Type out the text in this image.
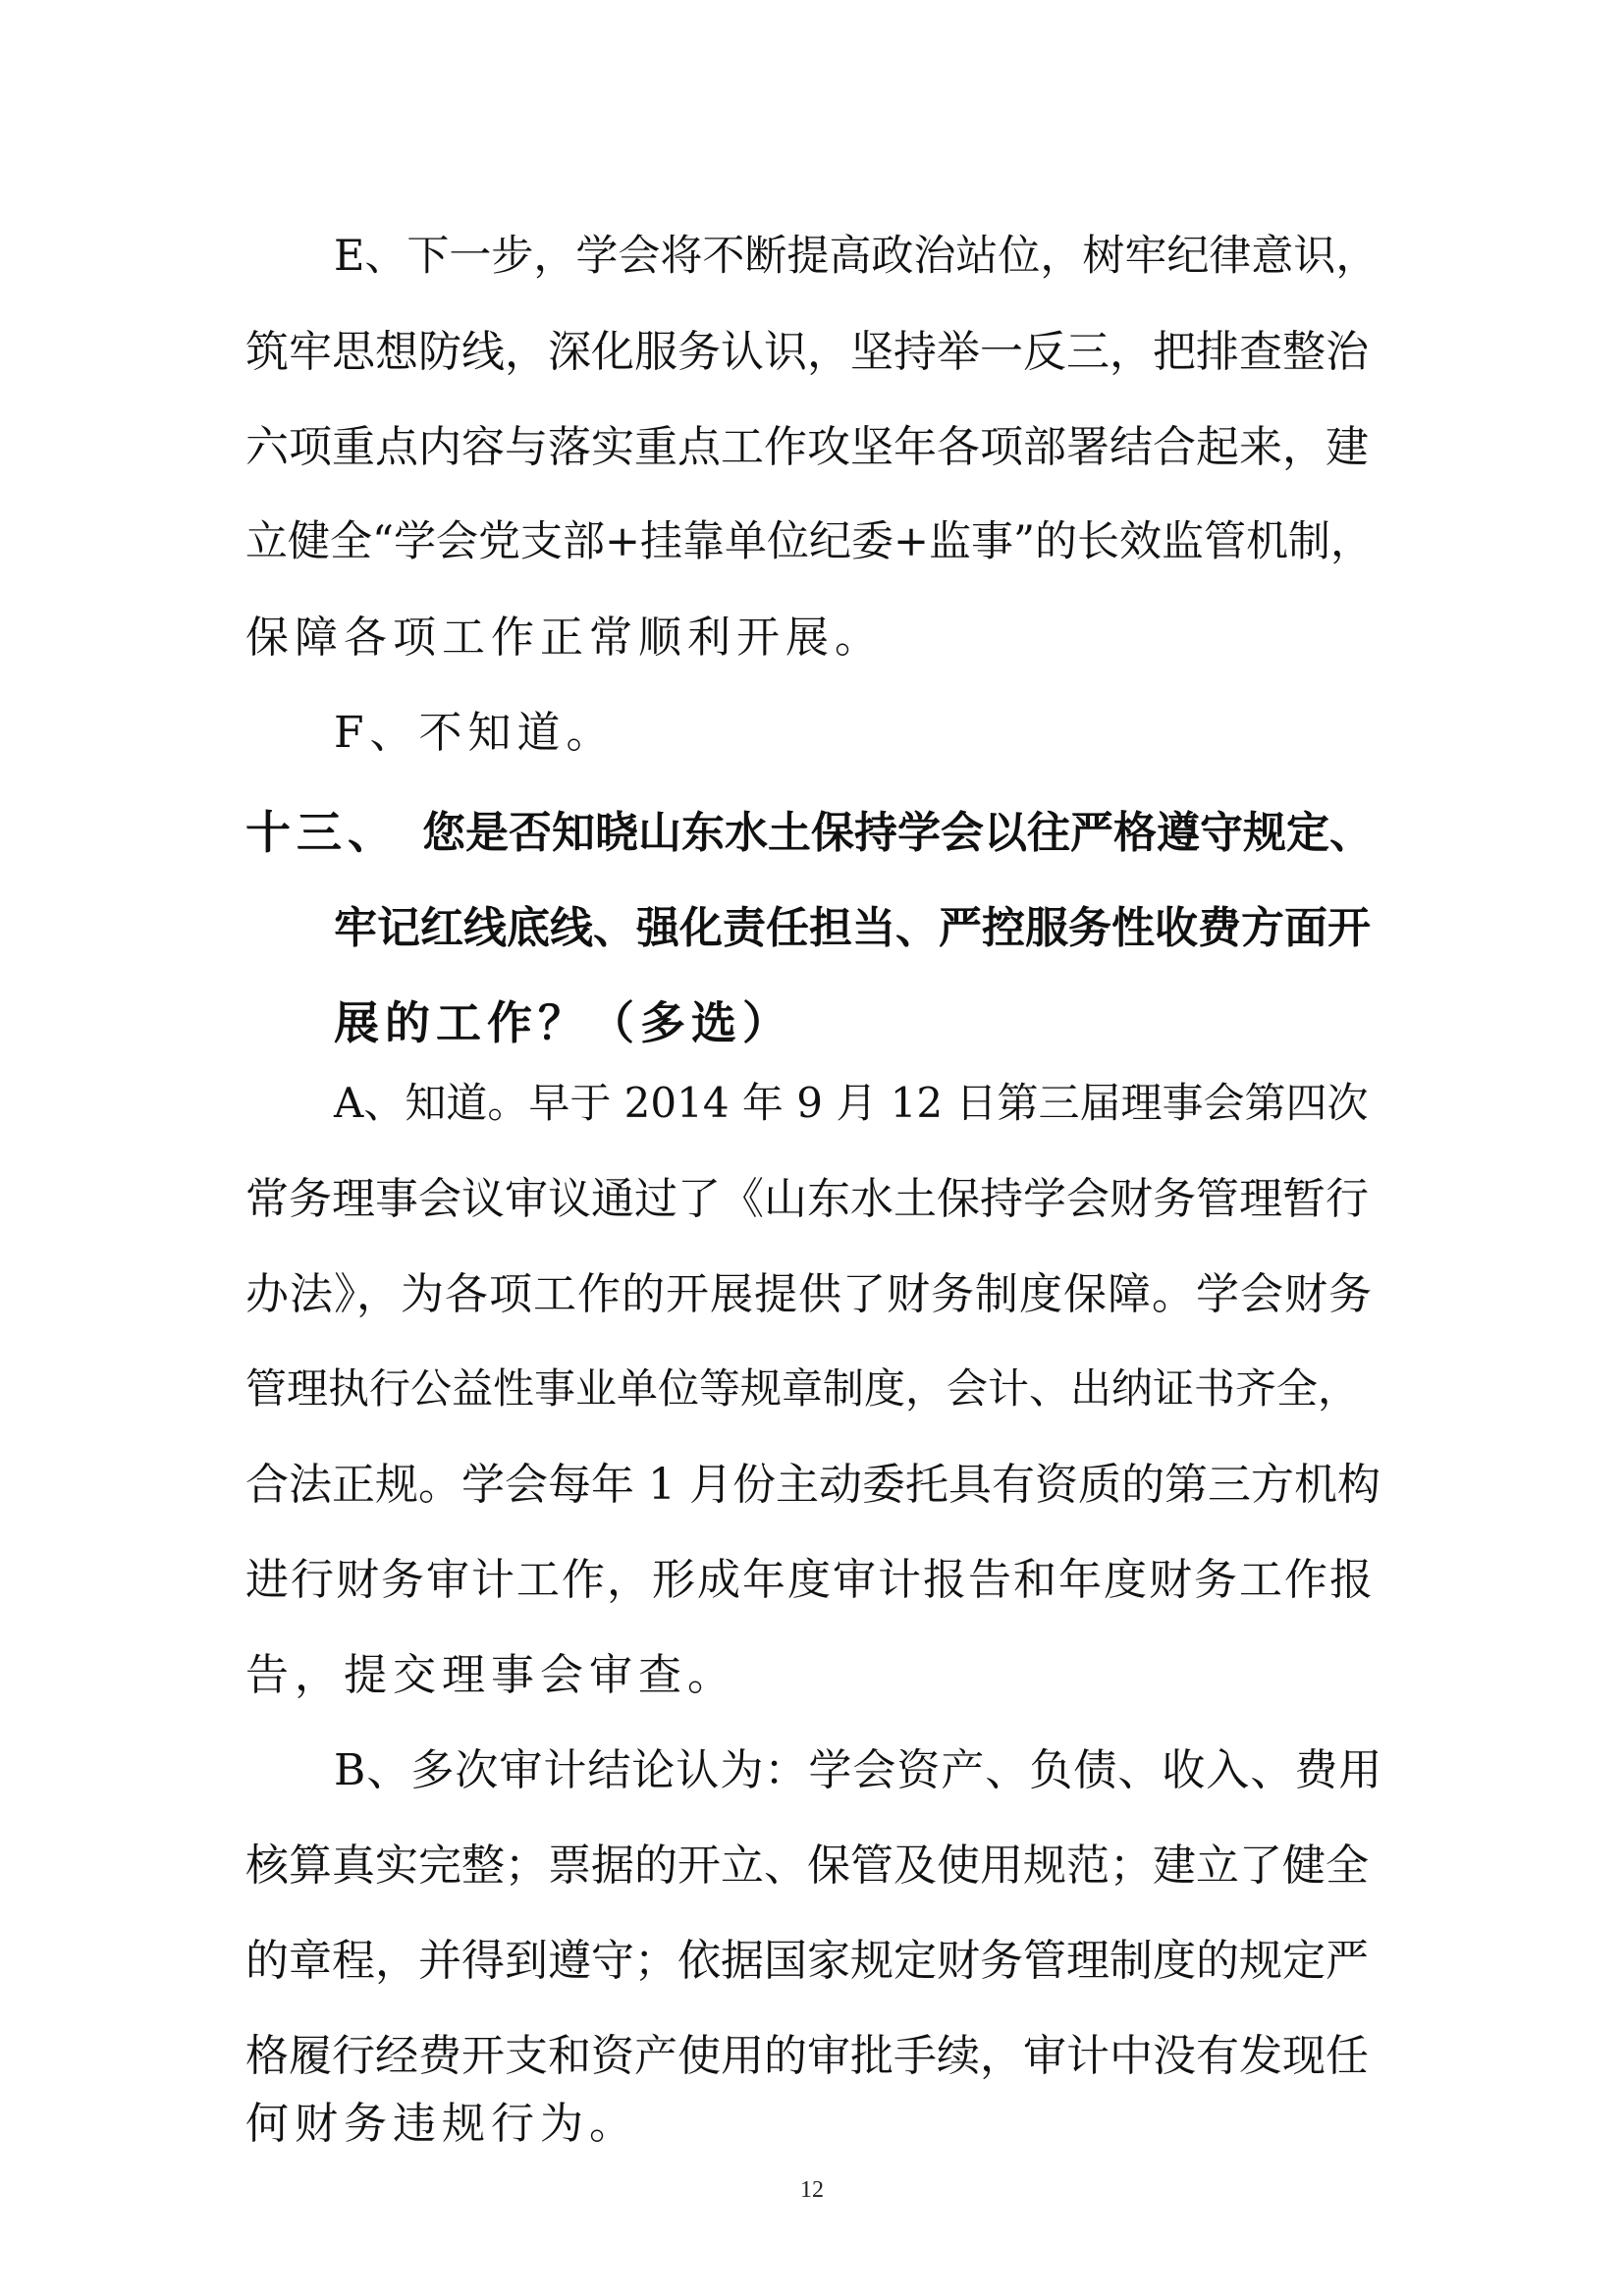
E、下一步，学会将不断提高政治站位，树牢纪律意识，
筑牢思想防线，深化服务认识，坚持举一反三，把排查整治
六项重点内容与落实重点工作攻坚年各项部署结合起来，建
立健全“学会党支部+挂靠单位纪委+监事”的长效监管机制，
保障各项工作正常顺利开展。
F、不知道。
十三、 您是否知晓山东水土保持学会以往严格遵守规定、
牢记红线底线、强化责任担当、严控服务性收费方面开
展的工作？（多选）
A、知道。早于 2014 年 9 月 12 日第三届理事会第四次
常务理事会议审议通过了《山东水土保持学会财务管理暂行
办法》，为各项工作的开展提供了财务制度保障。学会财务
管理执行公益性事业单位等规章制度，会计、出纳证书齐全，
合法正规。学会每年 1 月份主动委托具有资质的第三方机构
进行财务审计工作，形成年度审计报告和年度财务工作报
告，提交理事会审查。
B、多次审计结论认为：学会资产、负债、收入、费用
核算真实完整；票据的开立、保管及使用规范；建立了健全
的章程，并得到遵守；依据国家规定财务管理制度的规定严
格履行经费开支和资产使用的审批手续，审计中没有发现任
何财务违规行为。
12
